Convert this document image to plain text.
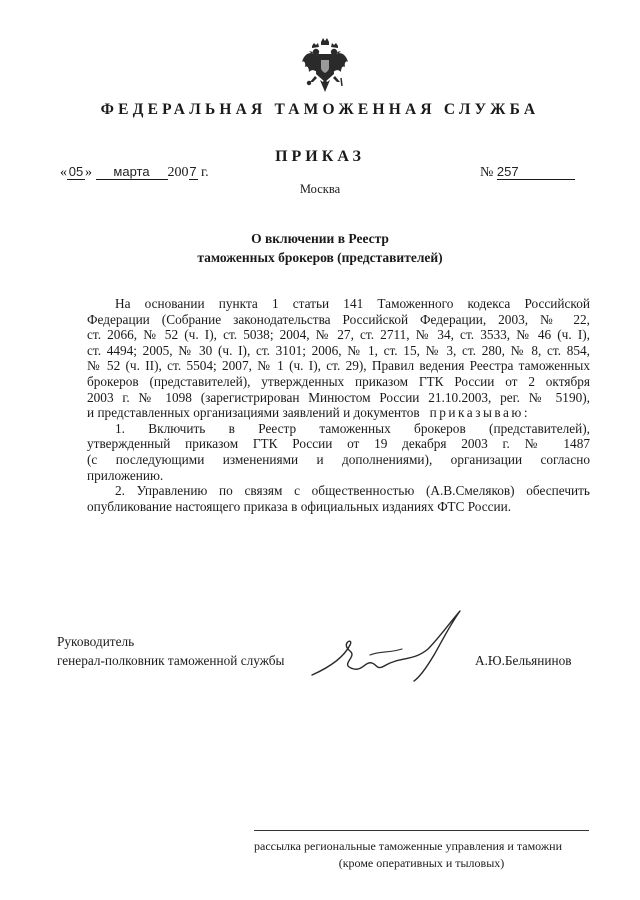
ФЕДЕРАЛЬНАЯ ТАМОЖЕННАЯ СЛУЖБА
ПРИКАЗ
« 05 » марта 2007 г.	№ 257
Москва
О включении в Реестр
таможенных брокеров (представителей)
На основании пункта 1 статьи 141 Таможенного кодекса Российской
Федерации (Собрание законодательства Российской Федерации, 2003, № 22,
ст. 2066, № 52 (ч. I), ст. 5038; 2004, № 27, ст. 2711, № 34, ст. 3533, № 46 (ч. I),
ст. 4494; 2005, № 30 (ч. I), ст. 3101; 2006, № 1, ст. 15, № 3, ст. 280, № 8, ст. 854,
№ 52 (ч. II), ст. 5504; 2007, № 1 (ч. I), ст. 29), Правил ведения Реестра таможенных
брокеров (представителей), утвержденных приказом ГТК России от 2 октября
2003 г. № 1098 (зарегистрирован Минюстом России 21.10.2003, рег. № 5190),
и представленных организациями заявлений и документов приказываю:
1. Включить в Реестр таможенных брокеров (представителей),
утвержденный приказом ГТК России от 19 декабря 2003 г. № 1487
(с последующими изменениями и дополнениями), организации согласно
приложению.
2. Управлению по связям с общественностью (А.В.Смеляков) обеспечить
опубликование настоящего приказа в официальных изданиях ФТС России.
Руководитель
генерал-полковник таможенной службы	А.Ю.Бельянинов
рассылка региональные таможенные управления и таможни
(кроме оперативных и тыловых)
